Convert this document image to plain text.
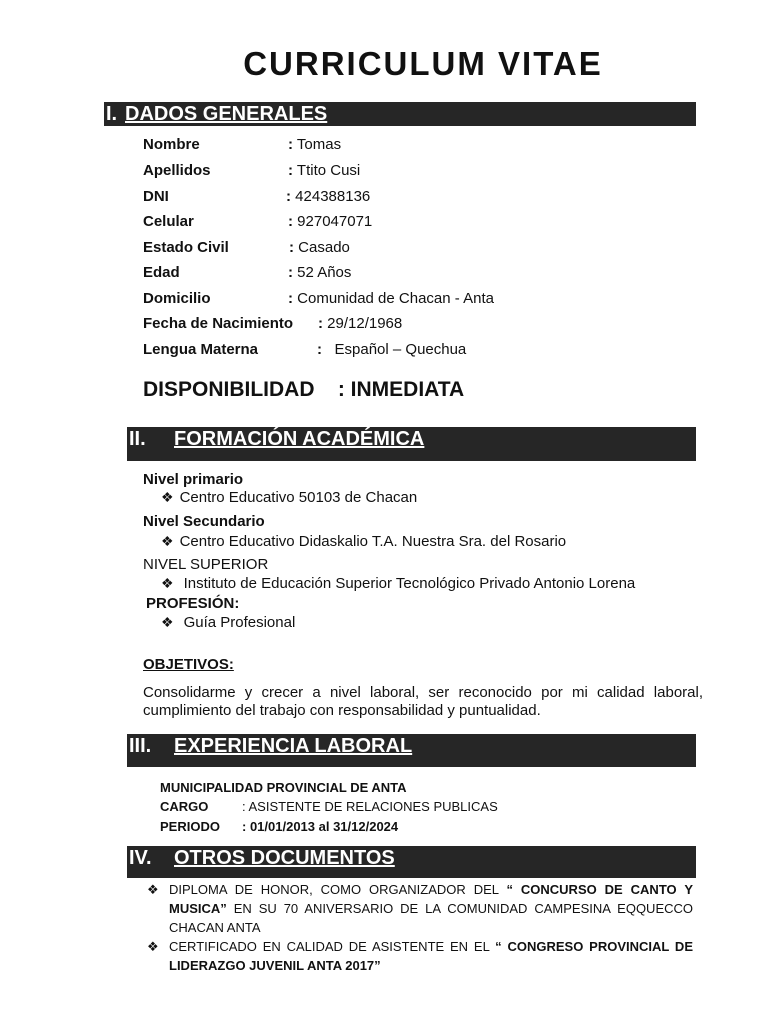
CURRICULUM VITAE
I. DADOS GENERALES
Nombre	: Tomas
Apellidos	: Ttito Cusi
DNI	: 424388136
Celular	: 927047071
Estado Civil	: Casado
Edad	: 52 Años
Domicilio	: Comunidad de Chacan - Anta
Fecha de Nacimiento : 29/12/1968
Lengua Materna	: Español – Quechua
DISPONIBILIDAD    : INMEDIATA
II. FORMACIÓN ACADÉMICA
Nivel primario
❖ Centro Educativo 50103 de Chacan
Nivel Secundario
❖ Centro Educativo Didaskalio T.A. Nuestra Sra. del Rosario
NIVEL SUPERIOR
❖ Instituto de Educación Superior Tecnológico Privado Antonio Lorena
PROFESIÓN:
❖ Guía Profesional
OBJETIVOS:
Consolidarme y crecer a nivel laboral, ser reconocido por mi calidad laboral, cumplimiento del trabajo con responsabilidad y puntualidad.
III. EXPERIENCIA LABORAL
MUNICIPALIDAD PROVINCIAL DE ANTA
CARGO	: ASISTENTE DE RELACIONES PUBLICAS
PERIODO : 01/01/2013 al 31/12/2024
IV. OTROS DOCUMENTOS
❖ DIPLOMA DE HONOR, COMO ORGANIZADOR DEL “ CONCURSO DE CANTO Y MUSICA” EN SU 70 ANIVERSARIO DE LA COMUNIDAD CAMPESINA EQQUECCO CHACAN ANTA
❖ CERTIFICADO EN CALIDAD DE ASISTENTE EN EL “ CONGRESO PROVINCIAL DE LIDERAZGO JUVENIL ANTA 2017”
